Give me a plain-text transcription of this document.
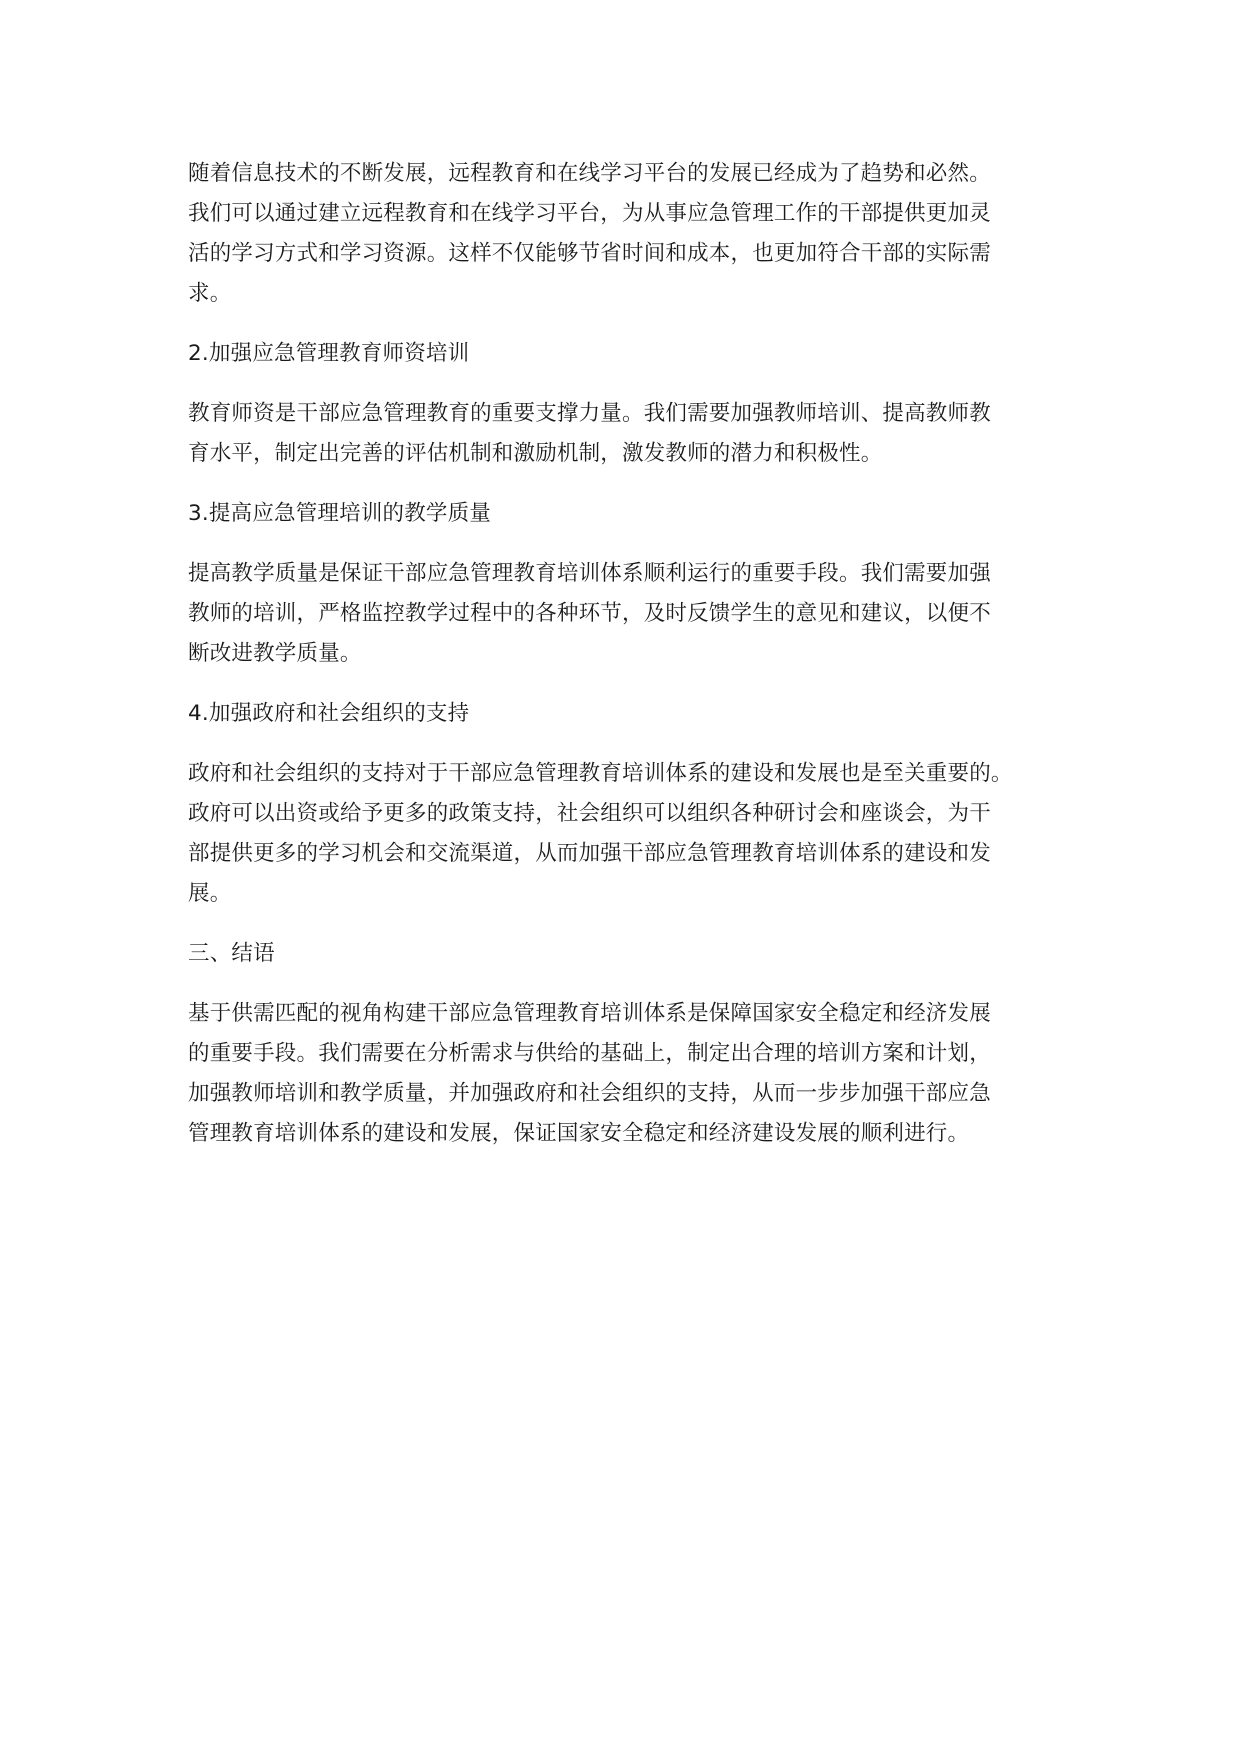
随着信息技术的不断发展，远程教育和在线学习平台的发展已经成为了趋势和必然。
我们可以通过建立远程教育和在线学习平台，为从事应急管理工作的干部提供更加灵
活的学习方式和学习资源。这样不仅能够节省时间和成本，也更加符合干部的实际需
求。

2.加强应急管理教育师资培训

教育师资是干部应急管理教育的重要支撑力量。我们需要加强教师培训、提高教师教
育水平，制定出完善的评估机制和激励机制，激发教师的潜力和积极性。

3.提高应急管理培训的教学质量

提高教学质量是保证干部应急管理教育培训体系顺利运行的重要手段。我们需要加强
教师的培训，严格监控教学过程中的各种环节，及时反馈学生的意见和建议，以便不
断改进教学质量。

4.加强政府和社会组织的支持

政府和社会组织的支持对于干部应急管理教育培训体系的建设和发展也是至关重要的。
政府可以出资或给予更多的政策支持，社会组织可以组织各种研讨会和座谈会，为干
部提供更多的学习机会和交流渠道，从而加强干部应急管理教育培训体系的建设和发
展。

三、结语

基于供需匹配的视角构建干部应急管理教育培训体系是保障国家安全稳定和经济发展
的重要手段。我们需要在分析需求与供给的基础上，制定出合理的培训方案和计划，
加强教师培训和教学质量，并加强政府和社会组织的支持，从而一步步加强干部应急
管理教育培训体系的建设和发展，保证国家安全稳定和经济建设发展的顺利进行。
